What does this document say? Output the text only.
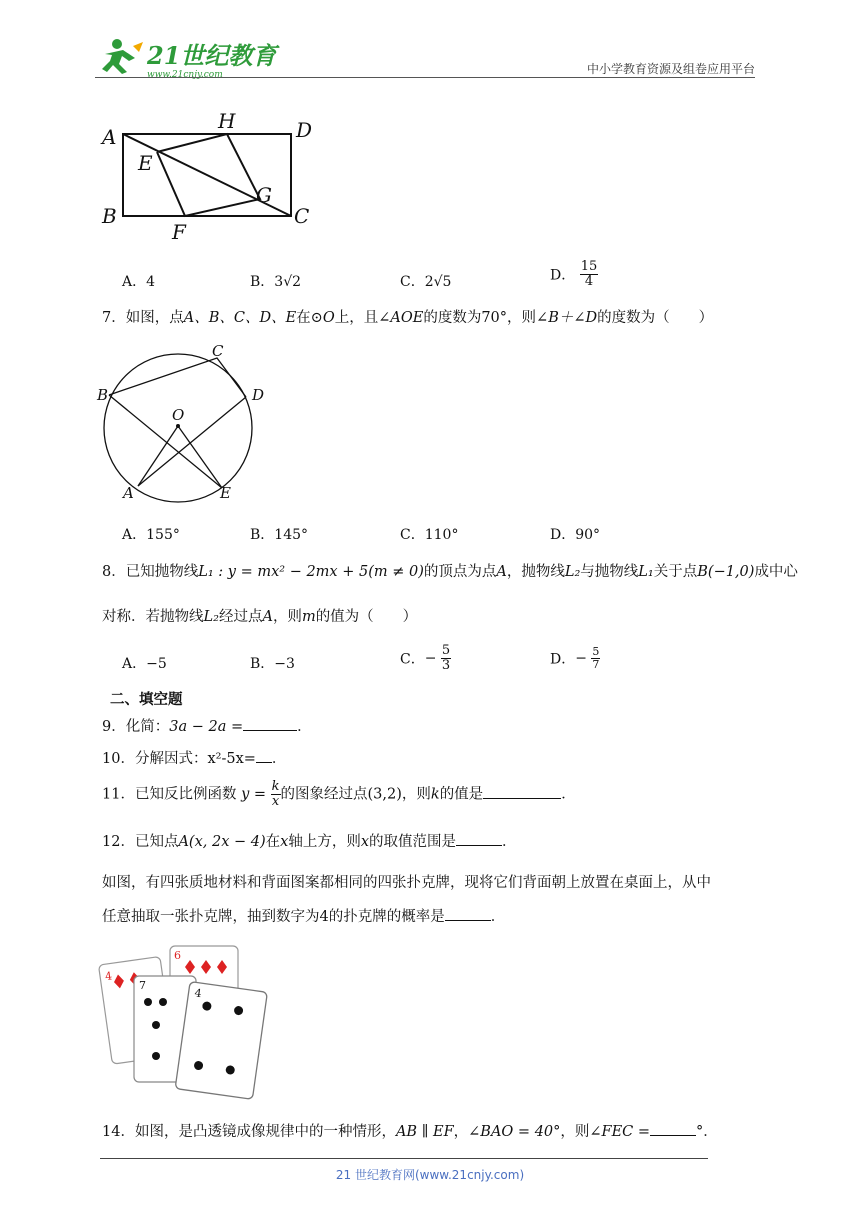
21世纪教育
www.21cnjy.com	中小学教育资源及组卷应用平台
A
H	D
E
G
B
F
C
A．4	B．3√2	C．2√5	D． $\frac{15}{4}$
7．如图，点A、B、C、D、E在⊙O上，且∠AOE的度数为70°，则∠B＋∠D的度数为（　　）
C
B	D
O
A	E
A．155°	B．145°	C．110°	D．90°
8．已知抛物线L₁ : y = mx² − 2mx + 5(m ≠ 0)的顶点为点A，抛物线L₂与抛物线L₁关于点B(−1,0)成中心
对称．若抛物线L₂经过点A，则m的值为（　　）
A．−5	B．−3	C．− $\frac{5}{3}$	D．− $\frac{5}{7}$
二、填空题
9．化简：3a − 2a =	．
10．分解因式：x²-5x= ．
11．已知反比例函数 $y = \frac{k}{x}$ 的图象经过点(3,2)，则k的值是	．
12．已知点A(x, 2x − 4)在x轴上方，则x的取值范围是	．
如图，有四张质地材料和背面图案都相同的四张扑克牌，现将它们背面朝上放置在桌面上，从中
任意抽取一张扑克牌，抽到数字为4的扑克牌的概率是	．
4
6
7
4
14．如图，是凸透镜成像规律中的一种情形，AB ∥ EF，∠BAO = 40°，则∠FEC =	°．
21 世纪教育网(www.21cnjy.com)
